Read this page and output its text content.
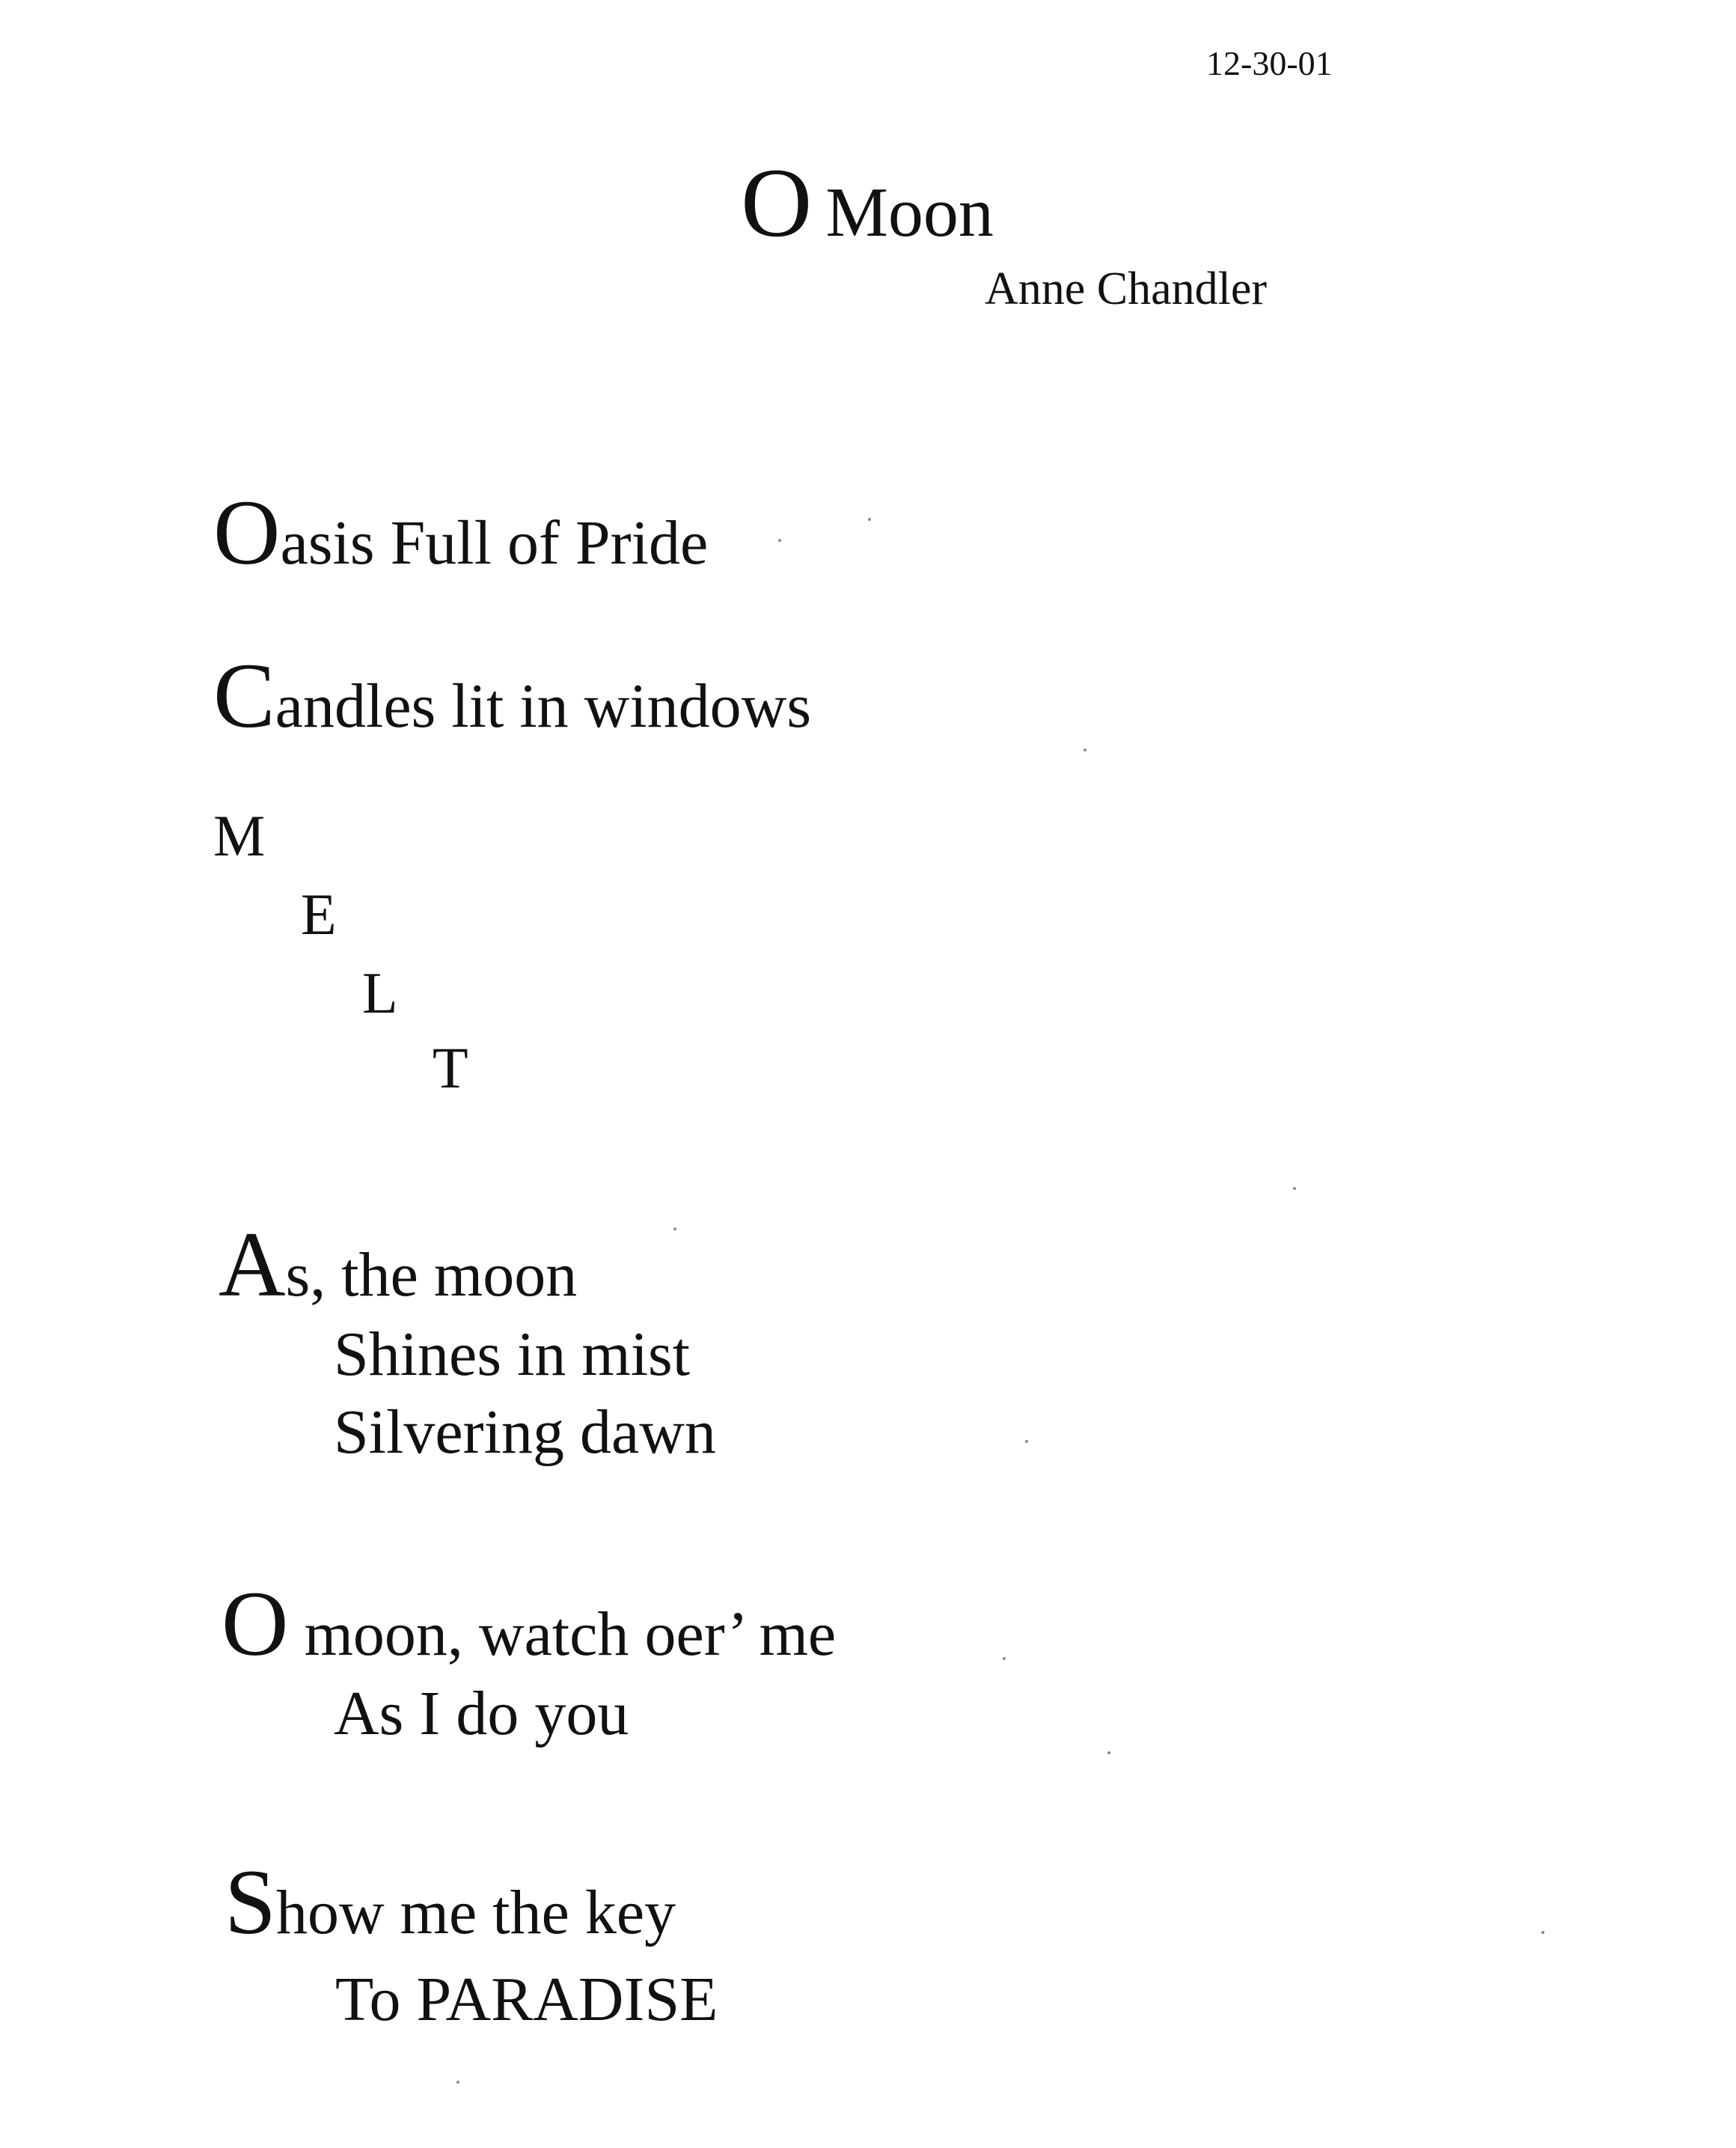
12-30-01
O Moon
Anne Chandler
Oasis Full of Pride
Candles lit in windows
M
E
L
T
As, the moon
Shines in mist
Silvering dawn
O moon, watch oer’ me
As I do you
Show me the key
To PARADISE
